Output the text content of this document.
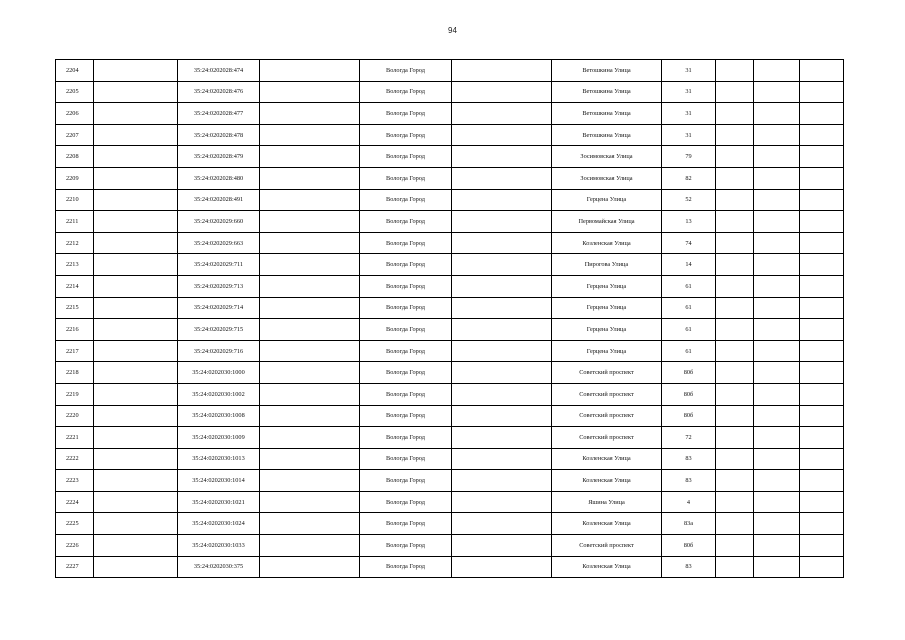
94
2204		35:24:0202028:474		Вологда Город		Ветошкина Улица	31			
2205		35:24:0202028:476		Вологда Город		Ветошкина Улица	31			
2206		35:24:0202028:477		Вологда Город		Ветошкина Улица	31			
2207		35:24:0202028:478		Вологда Город		Ветошкина Улица	31			
2208		35:24:0202028:479		Вологда Город		Зосимовская Улица	79			
2209		35:24:0202028:480		Вологда Город		Зосимовская Улица	82			
2210		35:24:0202028:491		Вологда Город		Герцена Улица	52			
2211		35:24:0202029:660		Вологда Город		Первомайская Улица	13			
2212		35:24:0202029:663		Вологда Город		Козленская Улица	74			
2213		35:24:0202029:711		Вологда Город		Пирогова Улица	14			
2214		35:24:0202029:713		Вологда Город		Герцена Улица	61			
2215		35:24:0202029:714		Вологда Город		Герцена Улица	61			
2216		35:24:0202029:715		Вологда Город		Герцена Улица	61			
2217		35:24:0202029:716		Вологда Город		Герцена Улица	61			
2218		35:24:0202030:1000		Вологда Город		Советский проспект	80б			
2219		35:24:0202030:1002		Вологда Город		Советский проспект	80б			
2220		35:24:0202030:1008		Вологда Город		Советский проспект	80б			
2221		35:24:0202030:1009		Вологда Город		Советский проспект	72			
2222		35:24:0202030:1013		Вологда Город		Козленская Улица	83			
2223		35:24:0202030:1014		Вологда Город		Козленская Улица	83			
2224		35:24:0202030:1021		Вологда Город		Яшина Улица	4			
2225		35:24:0202030:1024		Вологда Город		Козленская Улица	83а			
2226		35:24:0202030:1033		Вологда Город		Советский проспект	80б			
2227		35:24:0202030:375		Вологда Город		Козленская Улица	83			
